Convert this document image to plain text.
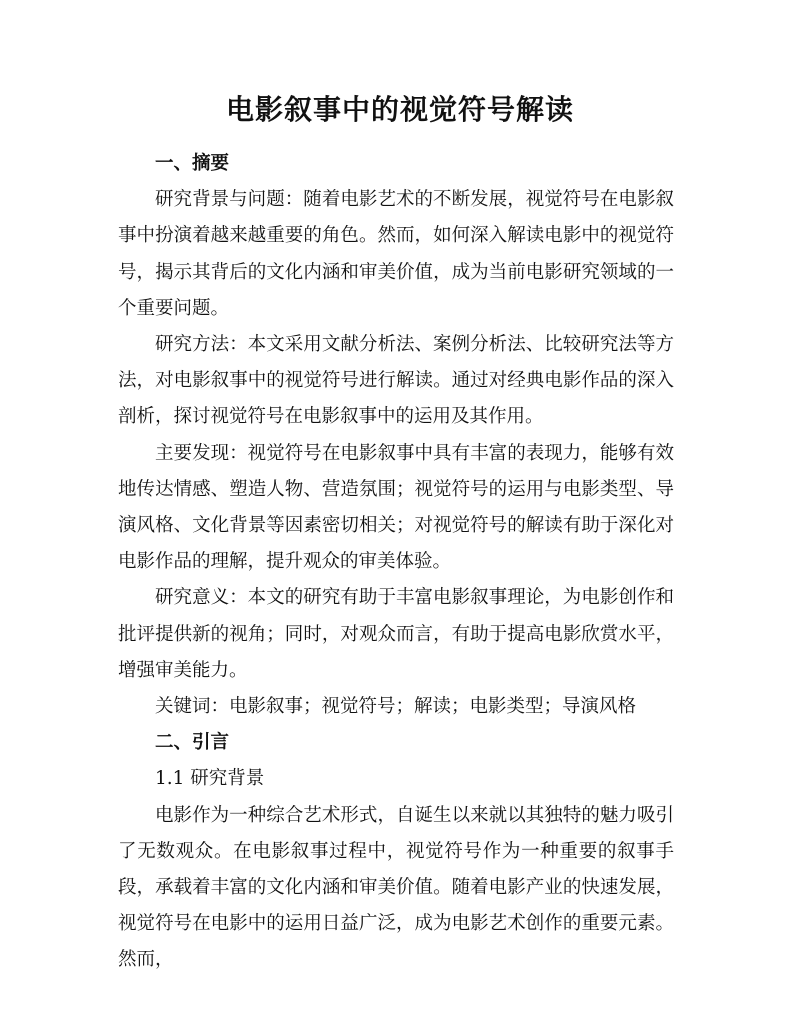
电影叙事中的视觉符号解读
一、摘要

研究背景与问题：随着电影艺术的不断发展，视觉符号在电影叙事中扮演着越来越重要的角色。然而，如何深入解读电影中的视觉符号，揭示其背后的文化内涵和审美价值，成为当前电影研究领域的一个重要问题。

研究方法：本文采用文献分析法、案例分析法、比较研究法等方法，对电影叙事中的视觉符号进行解读。通过对经典电影作品的深入剖析，探讨视觉符号在电影叙事中的运用及其作用。

主要发现：视觉符号在电影叙事中具有丰富的表现力，能够有效地传达情感、塑造人物、营造氛围；视觉符号的运用与电影类型、导演风格、文化背景等因素密切相关；对视觉符号的解读有助于深化对电影作品的理解，提升观众的审美体验。

研究意义：本文的研究有助于丰富电影叙事理论，为电影创作和批评提供新的视角；同时，对观众而言，有助于提高电影欣赏水平，增强审美能力。

关键词：电影叙事；视觉符号；解读；电影类型；导演风格

二、引言
1.1 研究背景

电影作为一种综合艺术形式，自诞生以来就以其独特的魅力吸引了无数观众。在电影叙事过程中，视觉符号作为一种重要的叙事手段，承载着丰富的文化内涵和审美价值。随着电影产业的快速发展，视觉符号在电影中的运用日益广泛，成为电影艺术创作的重要元素。然而，
